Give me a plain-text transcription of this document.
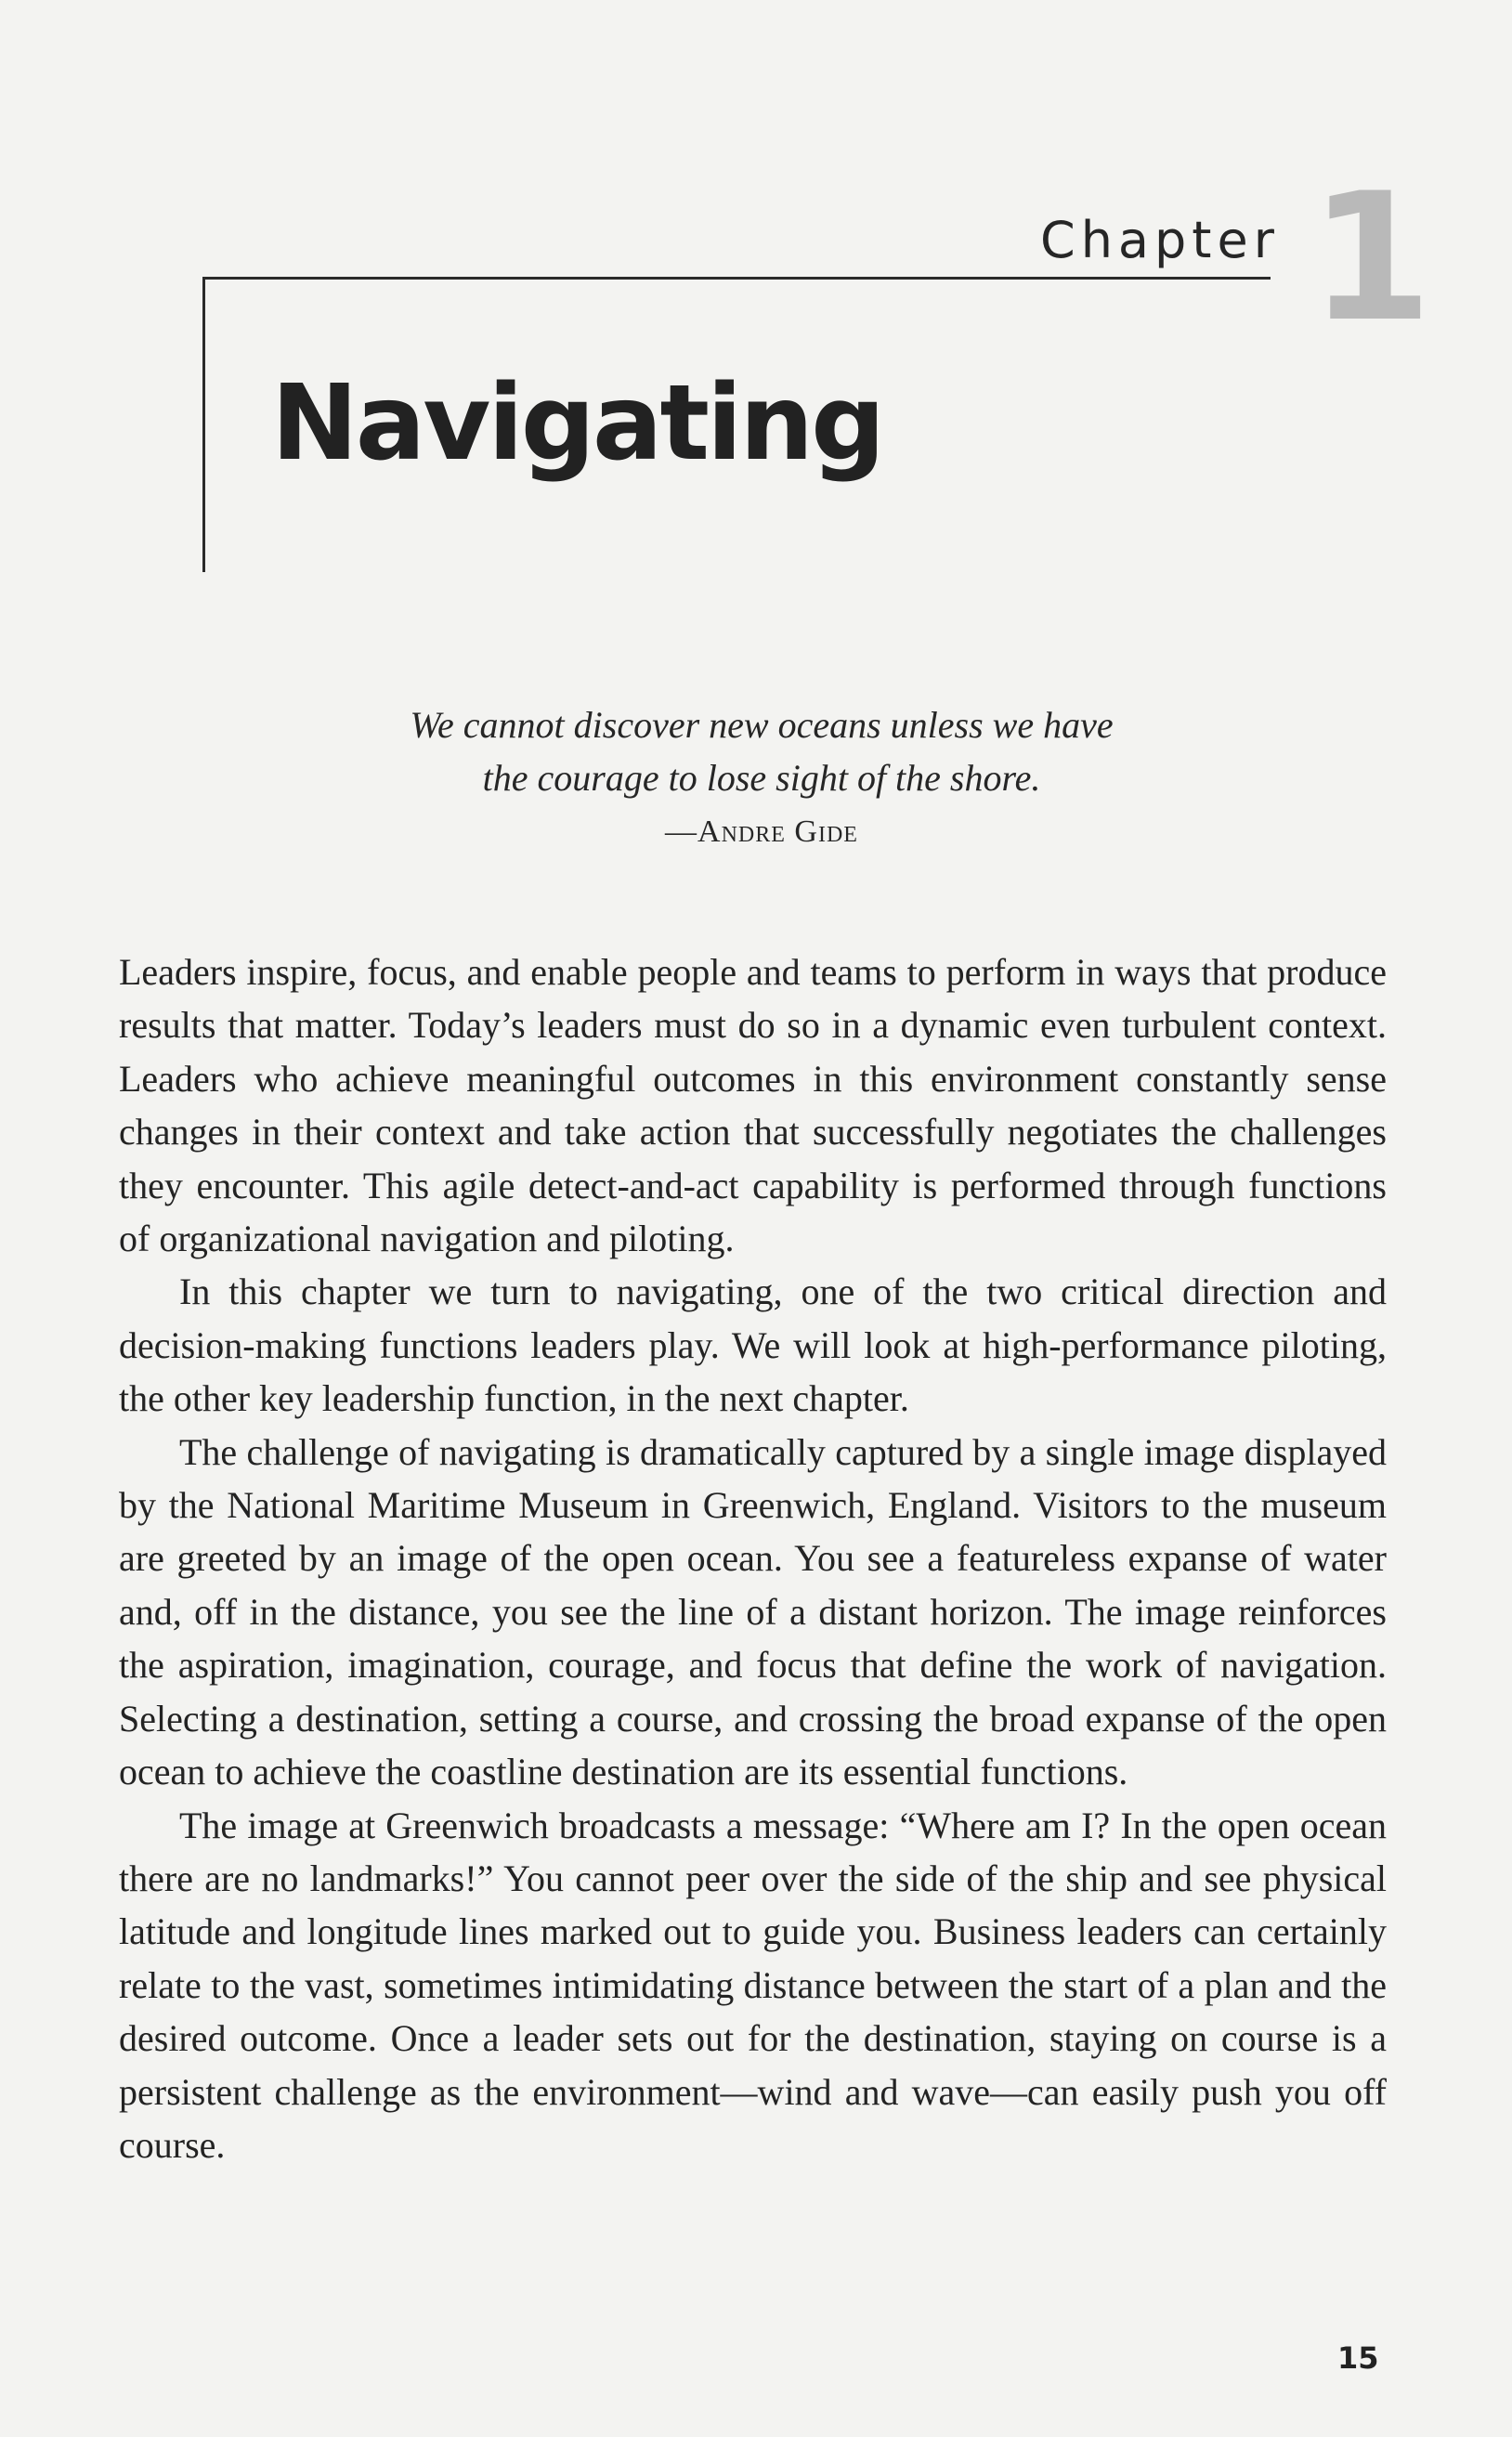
Chapter 1
Navigating
We cannot discover new oceans unless we have
the courage to lose sight of the shore.
—Andre Gide

Leaders inspire, focus, and enable people and teams to perform in ways that produce results that matter. Today’s leaders must do so in a dynamic even turbulent context. Leaders who achieve meaningful outcomes in this environment constantly sense changes in their context and take action that successfully negotiates the challenges they encounter. This agile detect-and-act capability is performed through functions of organizational navigation and piloting.

In this chapter we turn to navigating, one of the two critical direction and decision-making functions leaders play. We will look at high-performance piloting, the other key leadership function, in the next chapter.

The challenge of navigating is dramatically captured by a single image displayed by the National Maritime Museum in Greenwich, England. Visitors to the museum are greeted by an image of the open ocean. You see a featureless expanse of water and, off in the distance, you see the line of a distant horizon. The image reinforces the aspiration, imagination, courage, and focus that define the work of navigation. Selecting a destination, setting a course, and crossing the broad expanse of the open ocean to achieve the coastline destination are its essential functions.

The image at Greenwich broadcasts a message: “Where am I? In the open ocean there are no landmarks!” You cannot peer over the side of the ship and see physical latitude and longitude lines marked out to guide you. Business leaders can certainly relate to the vast, sometimes intimidating distance between the start of a plan and the desired outcome. Once a leader sets out for the destination, staying on course is a persistent challenge as the environment—wind and wave—can easily push you off course.

15
